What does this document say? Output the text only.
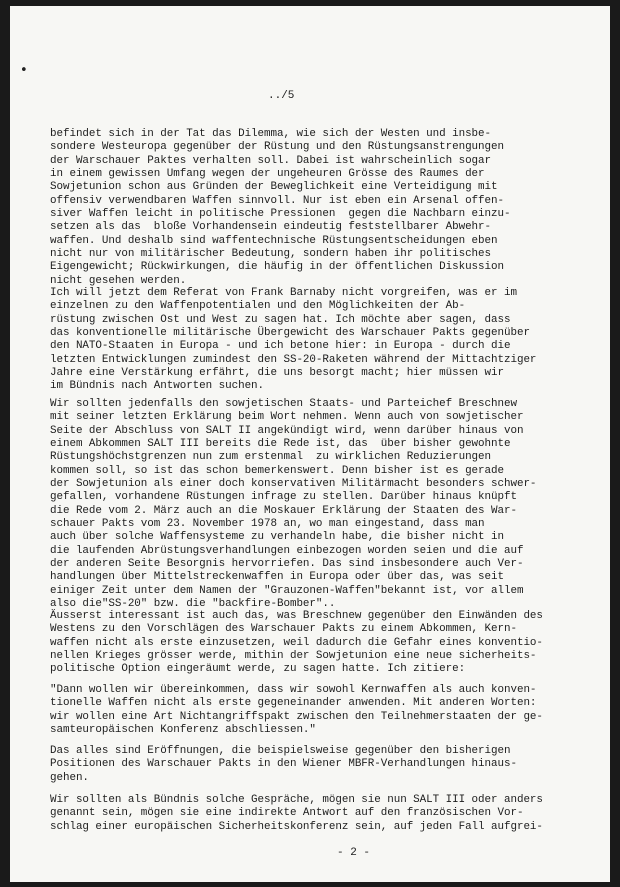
•
../5
befindet sich in der Tat das Dilemma, wie sich der Westen und insbe-
sondere Westeuropa gegenüber der Rüstung und den Rüstungsanstrengungen
der Warschauer Paktes verhalten soll. Dabei ist wahrscheinlich sogar
in einem gewissen Umfang wegen der ungeheuren Grösse des Raumes der
Sowjetunion schon aus Gründen der Beweglichkeit eine Verteidigung mit
offensiv verwendbaren Waffen sinnvoll. Nur ist eben ein Arsenal offen-
siver Waffen leicht in politische Pressionen  gegen die Nachbarn einzu-
setzen als das  bloße Vorhandensein eindeutig feststellbarer Abwehr-
waffen. Und deshalb sind waffentechnische Rüstungsentscheidungen eben
nicht nur von militärischer Bedeutung, sondern haben ihr politisches
Eigengewicht; Rückwirkungen, die häufig in der öffentlichen Diskussion
nicht gesehen werden.
Ich will jetzt dem Referat von Frank Barnaby nicht vorgreifen, was er im
einzelnen zu den Waffenpotentialen und den Möglichkeiten der Ab-
rüstung zwischen Ost und West zu sagen hat. Ich möchte aber sagen, dass
das konventionelle militärische Übergewicht des Warschauer Pakts gegenüber
den NATO-Staaten in Europa - und ich betone hier: in Europa - durch die
letzten Entwicklungen zumindest den SS-20-Raketen während der Mittachtziger
Jahre eine Verstärkung erfährt, die uns besorgt macht; hier müssen wir
im Bündnis nach Antworten suchen.
Wir sollten jedenfalls den sowjetischen Staats- und Parteichef Breschnew
mit seiner letzten Erklärung beim Wort nehmen. Wenn auch von sowjetischer
Seite der Abschluss von SALT II angekündigt wird, wenn darüber hinaus von
einem Abkommen SALT III bereits die Rede ist, das  über bisher gewohnte
Rüstungshöchstgrenzen nun zum erstenmal  zu wirklichen Reduzierungen
kommen soll, so ist das schon bemerkenswert. Denn bisher ist es gerade
der Sowjetunion als einer doch konservativen Militärmacht besonders schwer-
gefallen, vorhandene Rüstungen infrage zu stellen. Darüber hinaus knüpft
die Rede vom 2. März auch an die Moskauer Erklärung der Staaten des War-
schauer Pakts vom 23. November 1978 an, wo man eingestand, dass man
auch über solche Waffensysteme zu verhandeln habe, die bisher nicht in
die laufenden Abrüstungsverhandlungen einbezogen worden seien und die auf
der anderen Seite Besorgnis hervorriefen. Das sind insbesondere auch Ver-
handlungen über Mittelstreckenwaffen in Europa oder über das, was seit
einiger Zeit unter dem Namen der "Grauzonen-Waffen"bekannt ist, vor allem
also die"SS-20" bzw. die "backfire-Bomber"..
Äusserst interessant ist auch das, was Breschnew gegenüber den Einwänden des
Westens zu den Vorschlägen des Warschauer Pakts zu einem Abkommen, Kern-
waffen nicht als erste einzusetzen, weil dadurch die Gefahr eines konventio-
nellen Krieges grösser werde, mithin der Sowjetunion eine neue sicherheits-
politische Option eingeräumt werde, zu sagen hatte. Ich zitiere:
"Dann wollen wir übereinkommen, dass wir sowohl Kernwaffen als auch konven-
tionelle Waffen nicht als erste gegeneinander anwenden. Mit anderen Worten:
wir wollen eine Art Nichtangriffspakt zwischen den Teilnehmerstaaten der ge-
samteuropäischen Konferenz abschliessen."
Das alles sind Eröffnungen, die beispielsweise gegenüber den bisherigen
Positionen des Warschauer Pakts in den Wiener MBFR-Verhandlungen hinaus-
gehen.
Wir sollten als Bündnis solche Gespräche, mögen sie nun SALT III oder anders
genannt sein, mögen sie eine indirekte Antwort auf den französischen Vor-
schlag einer europäischen Sicherheitskonferenz sein, auf jeden Fall aufgrei-
- 2 -
